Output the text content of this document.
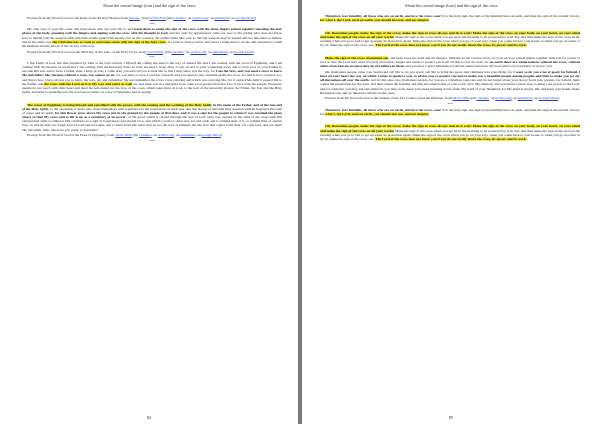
About the carved image (icon) and the sign of the cross

Excerpt from the Word of God at the Feast of the 40 holy Martyrs from Sebaste, from 22-03-2019 (On Calameo; on archive.org; on jumpshare; on Google Drive)

***

Oh, take care of your life, sons, and learn those who see your life is, and teach them to make the sign of the cross with the three fingers joined together touching the four places of the body, pressing with the fingers and signing well the cross with his thought to God, and not only for appearances’ sake, for woe to the soldier who does not know how to handle well his weapon with which he stands against his enemy; but on the contrary, the soldier must take care so that his weapon may be loaded and not unloaded or bullets, and in the same way the Christian has to want to overcome satan with the sign of the holy cross, for satan is always active and tries to bring man to do his will and then to crush his moment and the power of his victory with God.

Excerpt from the Word of God on the third day of the Lent, of the Holy Cross, from 31-03-2019. (On Calameo; on archive.org; on jumpshare; on Google Drive)

***

I, the Lamb of God, the One baptized by John at the river Jordan, I Myself am calling the man to the way of eternal life and I am coming with the word of Epiphany, and I am coming with the heaven on earth and I am coming with the heavenly hosts as well, because I want, man, to put an end to your wandering away and to have God as your Father to become His son, and to have a father, man. I have no rest; I come after you and call you to hear Me so that I may show you the way, for I am the Way, and you need a cross to know Me and follow Me, because without a cross you cannot go on, for you have so love it and not yourself, and you need to stay obedient under the cross, for this is how I stayed, too, and this is how I have shown you to know the way, oh, and remember Me and remember the cross I was carrying and which was carrying Me, for it carried Me until it passed Me to the Father, and the cross with the Lord on it is My way and yours as well, oh, and there was not and there is no other love greater than that face to face with the people. However, people do not touch with their heart and deed the self-denial for the love of the cross, which takes man on it up to the God of the heavenly glories, the Father, the Son and the Holy Spirit, and Who is speaking now the word upon waters on a day of Epiphany and is saying:

The water of Epiphany is being blessed and sanctified with the power, with the coming and the working of the Holy Spirit, in the name of the Father, and of the Son and of the Holy Spirit, to the cleansing of those who clean themselves with repentance in the forgiveness of their sins, and that flower of the basil may sweeten with its fragrance the taste of water and its spirit, for this flower grew above My cross put in the ground by the people of that time, and it was a sign for the people to whom it was revealed the place where to find My cross and to lift it up as a testimony of its power, of the grace which it carried through the Son of God, Who was carried on the arms of the cross with His outstretched arms to embrace His crucifiers as a sign of forgiveness and eternal love, and which I want to share now far and wide and to remind man of it, to remind man of eternal love, so that he may not forget how I loved and love him, and to learn from Me what love is, not the love of himself, but the love that comes from man, for I am love, and not man! Oh, but when, man, when are you going to learn this?

Excerpt from the Word of God at the Feast of Epiphany, from 19-01-2020 (On Calameo; on archive.org; on jumpshare; on Google Drive)

***

84
About the carved image (icon) and the sign of the cross

Therefore, love humility, all those who are on earth, and love the cross, sons! It is the holy sign, the sign of the humility here on earth, and then the sign of the eternal victory, for what I, the Lord, used on earth, you should also use, and not despise.

Oh, Romanian people, make the sign of the cross; make the sign of cross always and do it a lot! Make the sign of the cross on your body, on your heart, on your mind and make the sign of the cross on all your works! Make the sign of the cross when you get up in the morning to be protected by it all day, and then make the sign of the cross in the evening when you go to bed to get up under its protection again. Make the sign of the cross when you go on your way, when you come back to your house or when you go on water or by air, make the sign of the cross, son. The Lord of the cross does not know you if you do not testify about the cross, its power and its work.

Make the sign of the cross, Romanian son, and keep away the evils and all dangers. (Mission to the Corona virus, r.n.) Let all your priests gather together with you for prayer to God so that the Lord may send you holy protection, angels and saints to protect you from all that is evil on earth, for on earth there are whole nations without the cross, without saints from heaven, because they do not believe in them, and you have a great inheritance from the saints who have left your path to God and that of God to you.

Oh, Romanian people, raise your hands and call Me to do you good; call Me to bring the peace and calmness into your midst, for I want to do you a lot of good, for behold, I have on your heart the way on which I come to speak to you, to advise you, to protect you and to make you a beautiful people among peoples and then to make you joy for all the nations all over the earth, and for this take care, Romanian people, for you are a Christian; take care and do not forget about your dowry from your parents, for behold, there comes the preparation for the Lent, and then comes the feasting and then the resurrection of your Lord, all to My memory, and you learn to know how to bring your prayer to the Lord, and for whatever you may ask and whatever you may work, keep your heart kneeling down under My hand of your Shepherd, for My hand is strong. Oh, and keep your hands clean, Romanian son, and do likewise with the works, sons.

Excerpt from the Word of God on the Sunday of the Tax Collector and the Pharisee, from 09-02-2020 (On Calameo; on archive.org; on jumpshare; on Google Drive)

***

Therefore, love humility, all those who are on earth, and love the cross, sons! It is the holy sign, the sign of the humility here on earth, and then the sign of the eternal victory, for what I, the Lord, used on earth, you should also use, and not despise.

Oh, Romanian people, make the sign of the cross; make the sign of cross always and do it a lot! Make the sign of the cross on your body, on your heart, on your mind and make the sign of the cross on all your works! Make the sign of the cross when you get up in the morning to be protected by it all day, and then make the sign of the cross in the evening when you go to bed to get up under its protection again. Make the sign of the cross when you go on your way, when you come back to your house or when you go on water or by air, make the sign of the cross, son. The Lord of the cross does not know you if you do not testify about the cross, its power and its work.

85
